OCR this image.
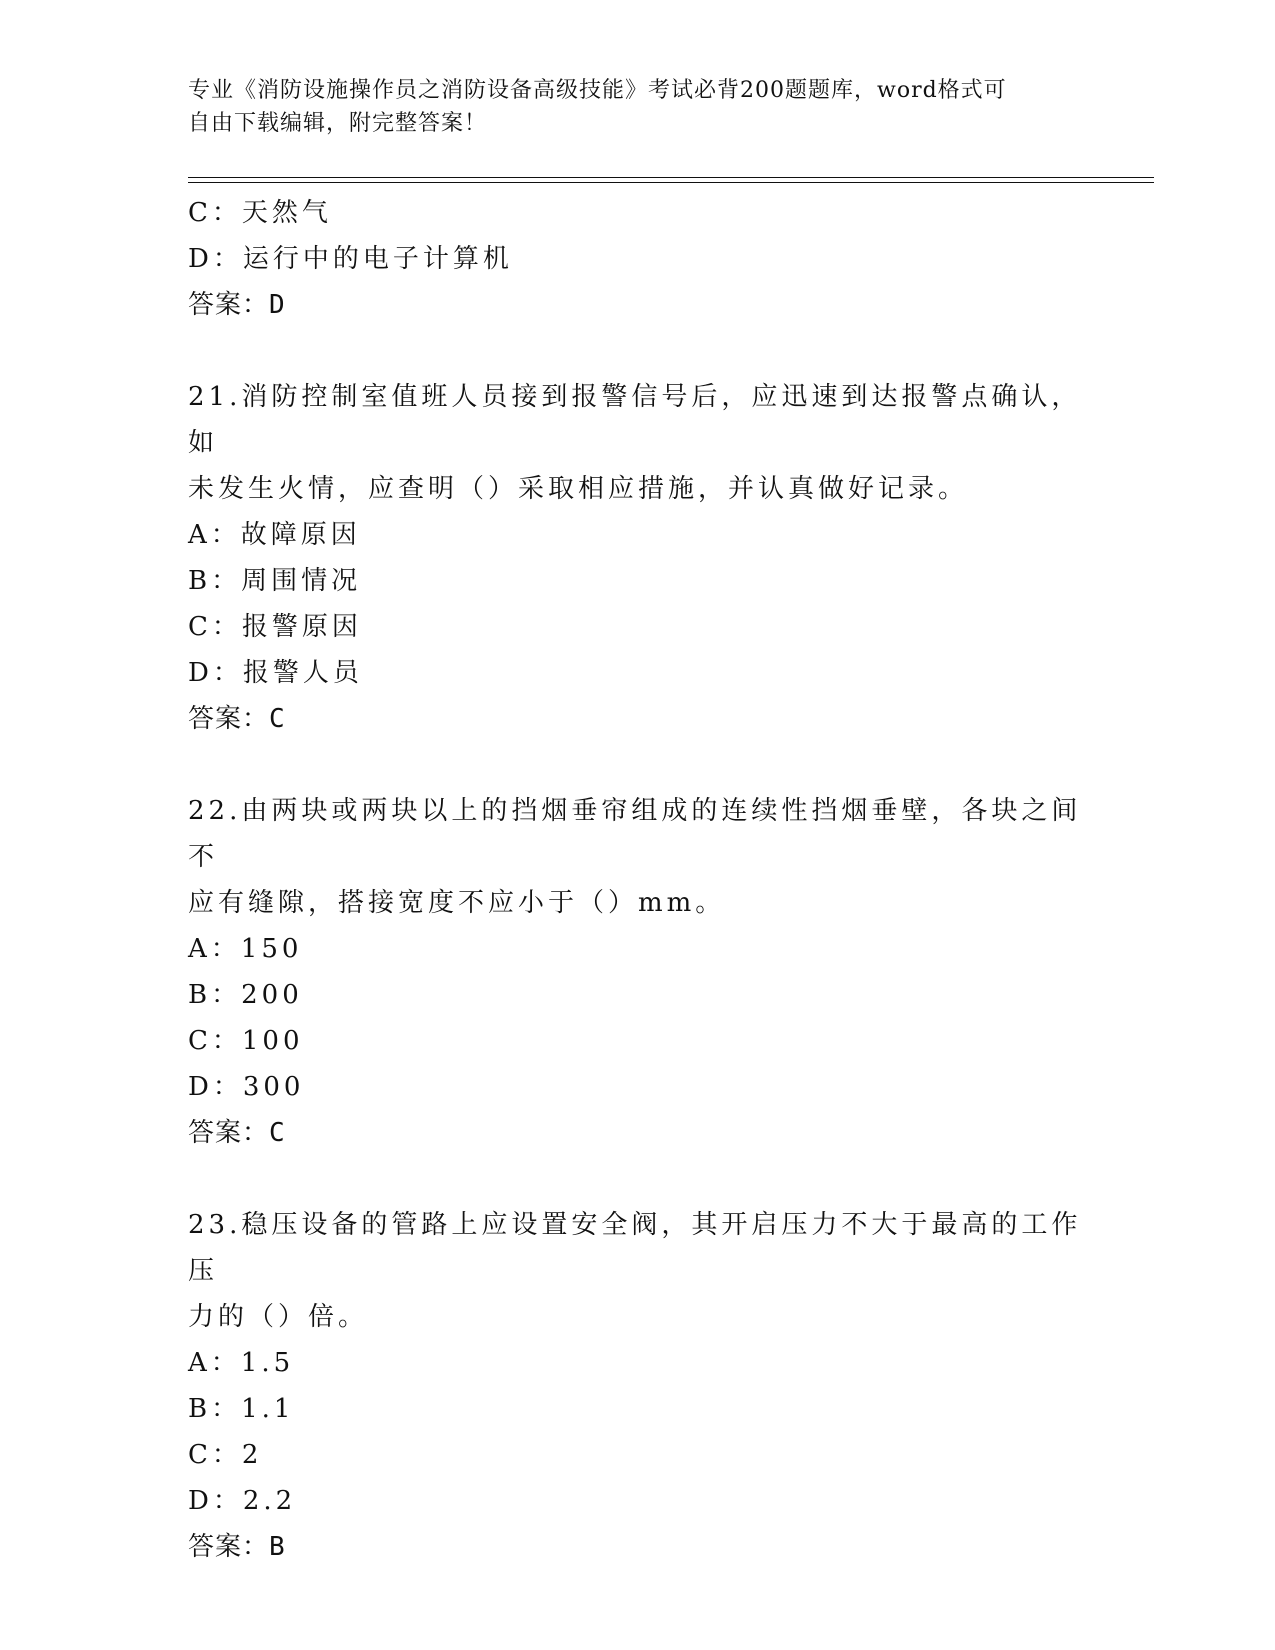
专业《消防设施操作员之消防设备高级技能》考试必背200题题库，word格式可
自由下载编辑，附完整答案！
C：天然气
D：运行中的电子计算机
答案：D
21.消防控制室值班人员接到报警信号后，应迅速到达报警点确认，如
未发生火情，应查明（）采取相应措施，并认真做好记录。
A：故障原因
B：周围情况
C：报警原因
D：报警人员
答案：C
22.由两块或两块以上的挡烟垂帘组成的连续性挡烟垂壁，各块之间不
应有缝隙，搭接宽度不应小于（）mm。
A：150
B：200
C：100
D：300
答案：C
23.稳压设备的管路上应设置安全阀，其开启压力不大于最高的工作压
力的（）倍。
A：1.5
B：1.1
C：2
D：2.2
答案：B
